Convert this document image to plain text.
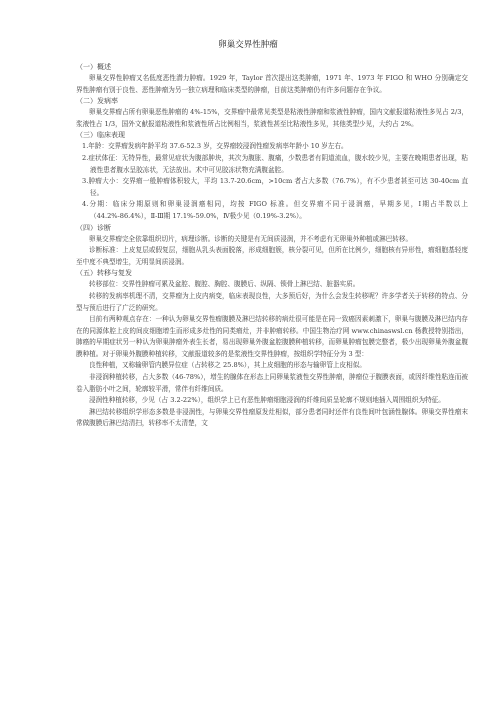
卵巢交界性肿瘤

（一）概述

卵巢交界性肿瘤又名低度恶性潜力肿瘤。1929 年，Taylor 首次提出这类肿瘤，1971 年、1973 年 FIGO 和 WHO 分别确定交界性肿瘤有别于良性、恶性肿瘤为另一独立病理和临床类型的肿瘤，目前这类肿瘤仍有许多问题存在争议。

（二）发病率

卵巢交界瘤占所有卵巢恶性肿瘤的 4%-15%，交界瘤中最常见类型是粘液性肿瘤和浆液性肿瘤，国内文献报道粘液性多见占 2/3，浆液性占 1/3，国外文献报道粘液性和浆液性所占比例相当，浆液性甚至比粘液性多见，其他类型少见，大约占 2%。

（三）临床表现

1.年龄：交界瘤发病年龄平均 37.6-52.3 岁，交界瘤较浸润性瘤发病率年龄小 10 岁左右。

2.症状体征：无特异性，最常见症状为腹部肿块，其次为腹胀、腹痛，少数患者有阴道流血，腹水较少见，主要在晚期患者出现，粘液性患者腹水呈胶冻状，无法放出。术中可见胶冻状物充满腹盆腔。

3.肿瘤大小：交界瘤一般肿瘤体积较大，平均 13.7-20.6cm，>10cm 者占大多数（76.7%），有不少患者甚至可达 30-40cm 直径。

4.分期：临床分期原则和卵巢浸润癌相同，均按 FIGO 标准。但交界瘤不同于浸润癌，早期多见，Ⅰ期占半数以上（44.2%-86.4%），Ⅱ-Ⅲ期 17.1%-59.0%，Ⅳ极少见（0.19%-3.2%）。

（四）诊断

卵巢交界瘤完全依靠组织切片，病理诊断。诊断的关键是有无间质浸润，并不考虑有无卵巢外种植或淋巴转移。

诊断标准：上皮复层或假复层，细胞从乳头表面脱落，形成细胞簇，核分裂可见，但所在比例少，细胞核有异形性，瘤细胞基轻度至中度不典型增生，无明显间质浸润。

（五）转移与复发

转移部位：交界性肿瘤可累及盆腔、腹腔、胸腔、腹膜后、纵隔、锁骨上淋巴结、脏器实质。

转移的发病率机理不清，交界瘤为上皮内病变，临床表现良性，大多预后好，为什么会发生转移呢？许多学者关于转移的特点、分型与预后进行了广泛的研究。

目前有两种观点存在：一种认为卵巢交界性瘤腹膜及淋巴结转移的病灶很可能是在同一致癌因素刺激下，卵巢与腹膜及淋巴结内存在的同源体腔上皮的间皮细胞增生而形成多灶性的同类瘤灶，并非肿瘤转移。中国生物治疗网 www.chinaswsl.cn 杨教授特别指出，肺癌的早期症状另一种认为卵巢肿瘤外表生长者，易出现卵巢外腹盆腔腹膜种植转移，而卵巢肿瘤包膜完整者，极少出现卵巢外腹盆腹膜种植。对于卵巢外腹膜种植转移，文献报道较多的是浆液性交界性肿瘤，按组织学特征分为 3 型：

良性种植，又称输卵管内膜异位症（占转移之 25.8%），其上皮细胞的形态与输卵管上皮相似。

非浸润种植转移，占大多数（46-78%），增生的腺体在形态上同卵巢浆液性交界性肿瘤，肿瘤位于腹膜表面，或因纤维性粘连而被卷入脂肪小叶之间，轮廓较平滑，常伴有纤维间质。

浸润性种植转移，少见（占 3.2-22%），组织学上已有恶性肿瘤细胞浸润的纤维间质呈轮廓不规则地插入周围组织为特征。

淋巴结转移组织学形态多数是非浸润性，与卵巢交界性瘤原发灶相似，部分患者同时还伴有良性间叶包涵性腺体。卵巢交界性瘤末常做腹膜后淋巴结清扫，转移率不太清楚，文
